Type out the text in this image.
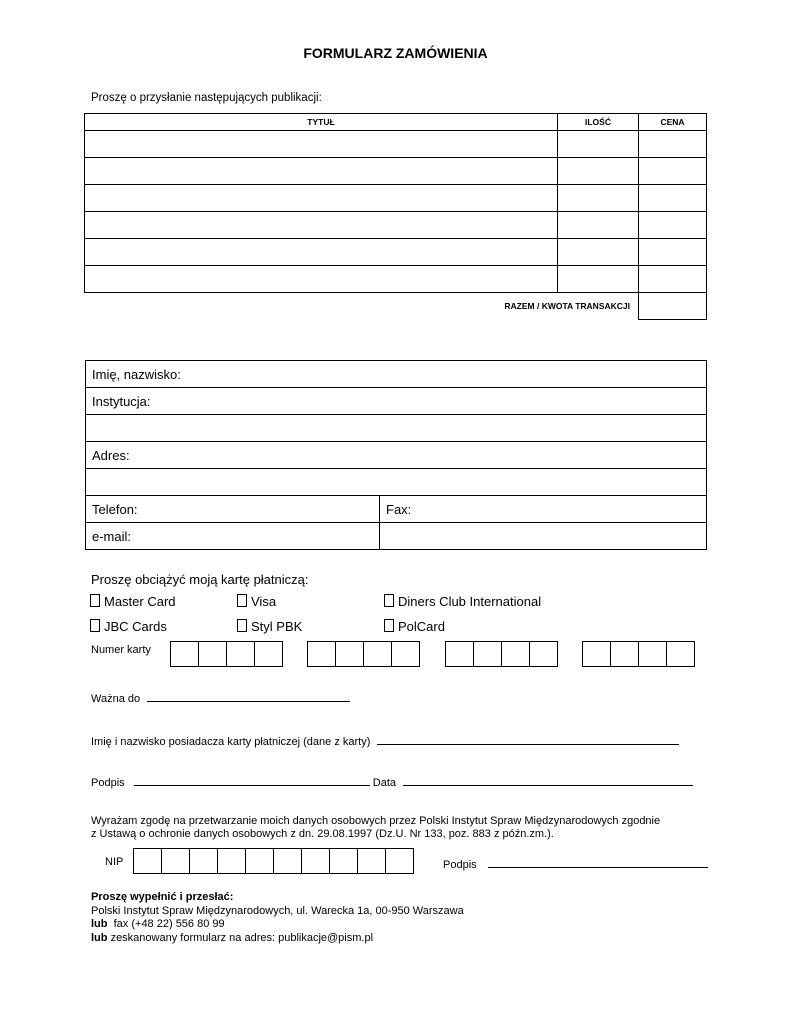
FORMULARZ ZAMÓWIENIA
Proszę o przysłanie następujących publikacji:
TYTUŁ	ILOŚĆ	CENA

RAZEM / KWOTA TRANSAKCJI		
Imię, nazwisko:
Instytucja:
Adres:
Telefon:	Fax:
e-mail:
Proszę obciążyć moją kartę płatniczą:
Master Card	Visa	Diners Club International
JBC Cards	Styl PBK	PolCard
Numer karty
Ważna do
Imię i nazwisko posiadacza karty płatniczej (dane z karty)
Podpis	Data
Wyrażam zgodę na przetwarzanie moich danych osobowych przez Polski Instytut Spraw Międzynarodowych zgodnie
z Ustawą o ochronie danych osobowych z dn. 29.08.1997 (Dz.U. Nr 133, poz. 883 z późn.zm.).
NIP	Podpis
Proszę wypełnić i przesłać:
Polski Instytut Spraw Międzynarodowych, ul. Warecka 1a, 00-950 Warszawa
lub fax (+48 22) 556 80 99
lub zeskanowany formularz na adres: publikacje@pism.pl
